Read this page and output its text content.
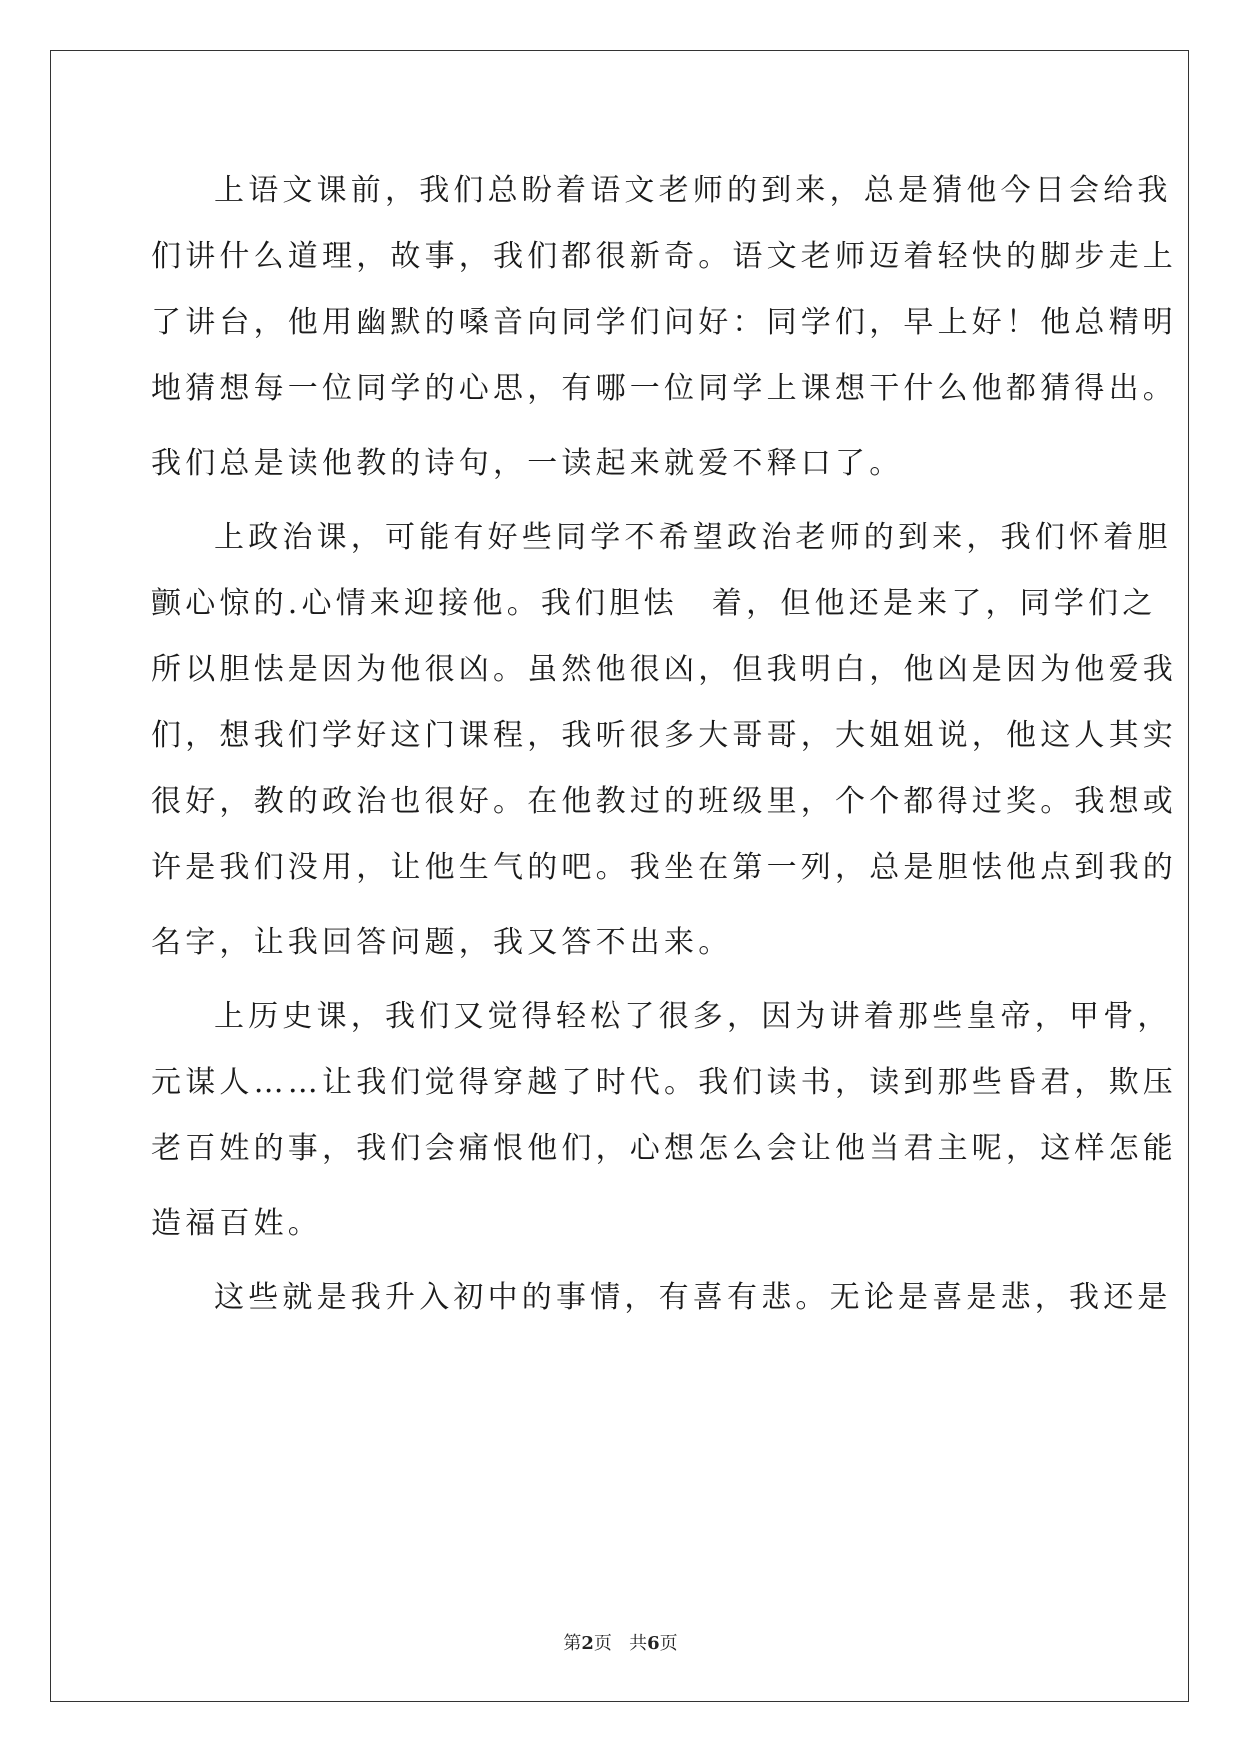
上语文课前，我们总盼着语文老师的到来，总是猜他今日会给我
们讲什么道理，故事，我们都很新奇。语文老师迈着轻快的脚步走上
了讲台，他用幽默的嗓音向同学们问好：同学们，早上好！他总精明
地猜想每一位同学的心思，有哪一位同学上课想干什么他都猜得出。
我们总是读他教的诗句，一读起来就爱不释口了。
上政治课，可能有好些同学不希望政治老师的到来，我们怀着胆
颤心惊的.心情来迎接他。我们胆怯　着，但他还是来了，同学们之
所以胆怯是因为他很凶。虽然他很凶，但我明白，他凶是因为他爱我
们，想我们学好这门课程，我听很多大哥哥，大姐姐说，他这人其实
很好，教的政治也很好。在他教过的班级里，个个都得过奖。我想或
许是我们没用，让他生气的吧。我坐在第一列，总是胆怯他点到我的
名字，让我回答问题，我又答不出来。
上历史课，我们又觉得轻松了很多，因为讲着那些皇帝，甲骨，
元谋人……让我们觉得穿越了时代。我们读书，读到那些昏君，欺压
老百姓的事，我们会痛恨他们，心想怎么会让他当君主呢，这样怎能
造福百姓。
这些就是我升入初中的事情，有喜有悲。无论是喜是悲，我还是
第2页 共6页
